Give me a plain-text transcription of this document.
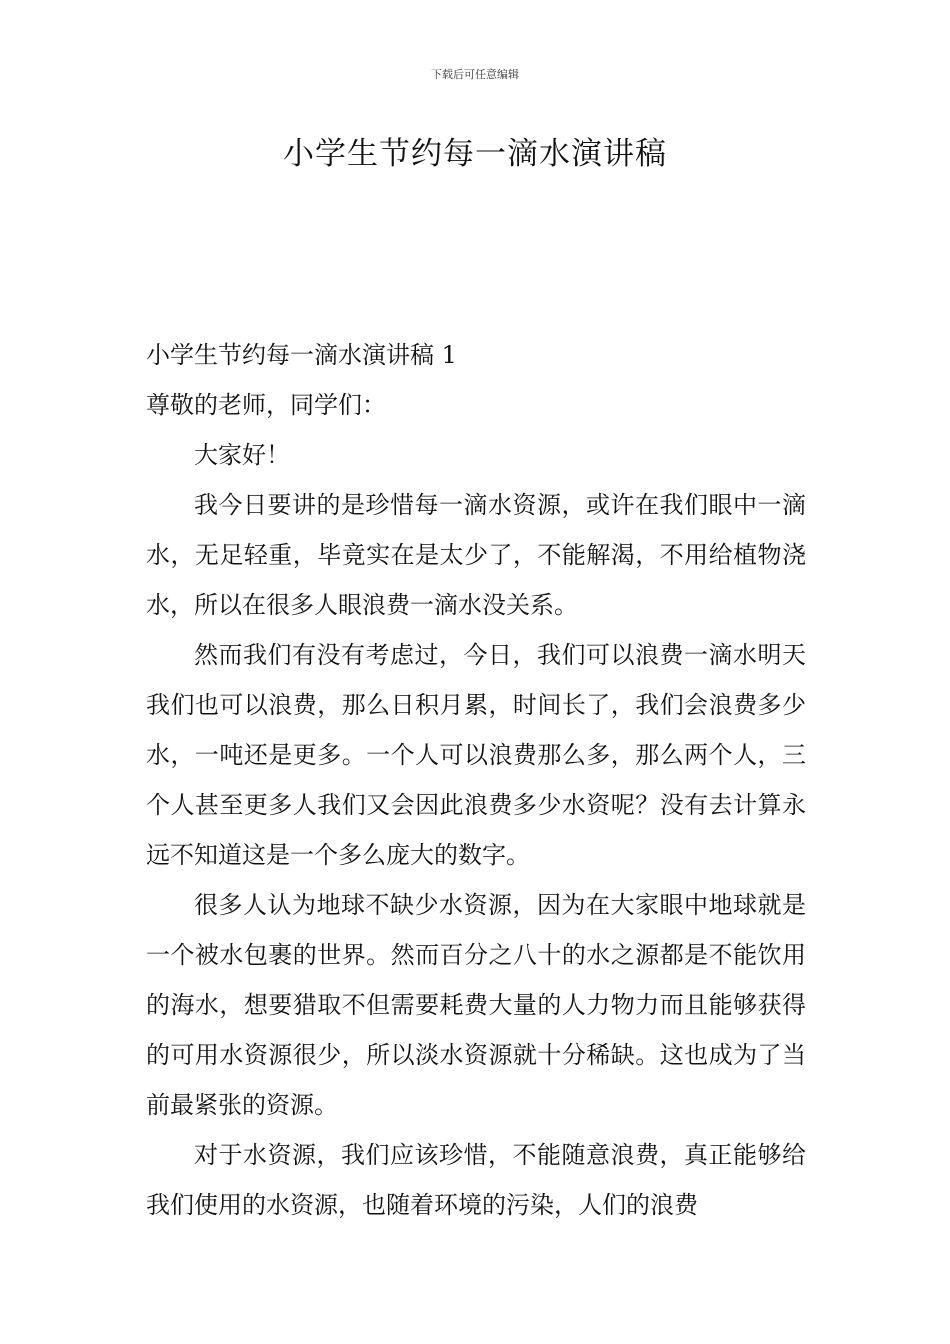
下载后可任意编辑
小学生节约每一滴水演讲稿

小学生节约每一滴水演讲稿 1

尊敬的老师，同学们：

大家好！

我今日要讲的是珍惜每一滴水资源，或许在我们眼中一滴水，无足轻重，毕竟实在是太少了，不能解渴，不用给植物浇水，所以在很多人眼浪费一滴水没关系。

然而我们有没有考虑过，今日，我们可以浪费一滴水明天我们也可以浪费，那么日积月累，时间长了，我们会浪费多少水，一吨还是更多。一个人可以浪费那么多，那么两个人，三个人甚至更多人我们又会因此浪费多少水资呢？没有去计算永远不知道这是一个多么庞大的数字。

很多人认为地球不缺少水资源，因为在大家眼中地球就是一个被水包裹的世界。然而百分之八十的水之源都是不能饮用的海水，想要猎取不但需要耗费大量的人力物力而且能够获得的可用水资源很少，所以淡水资源就十分稀缺。这也成为了当前最紧张的资源。

对于水资源，我们应该珍惜，不能随意浪费，真正能够给我们使用的水资源，也随着环境的污染，人们的浪费
